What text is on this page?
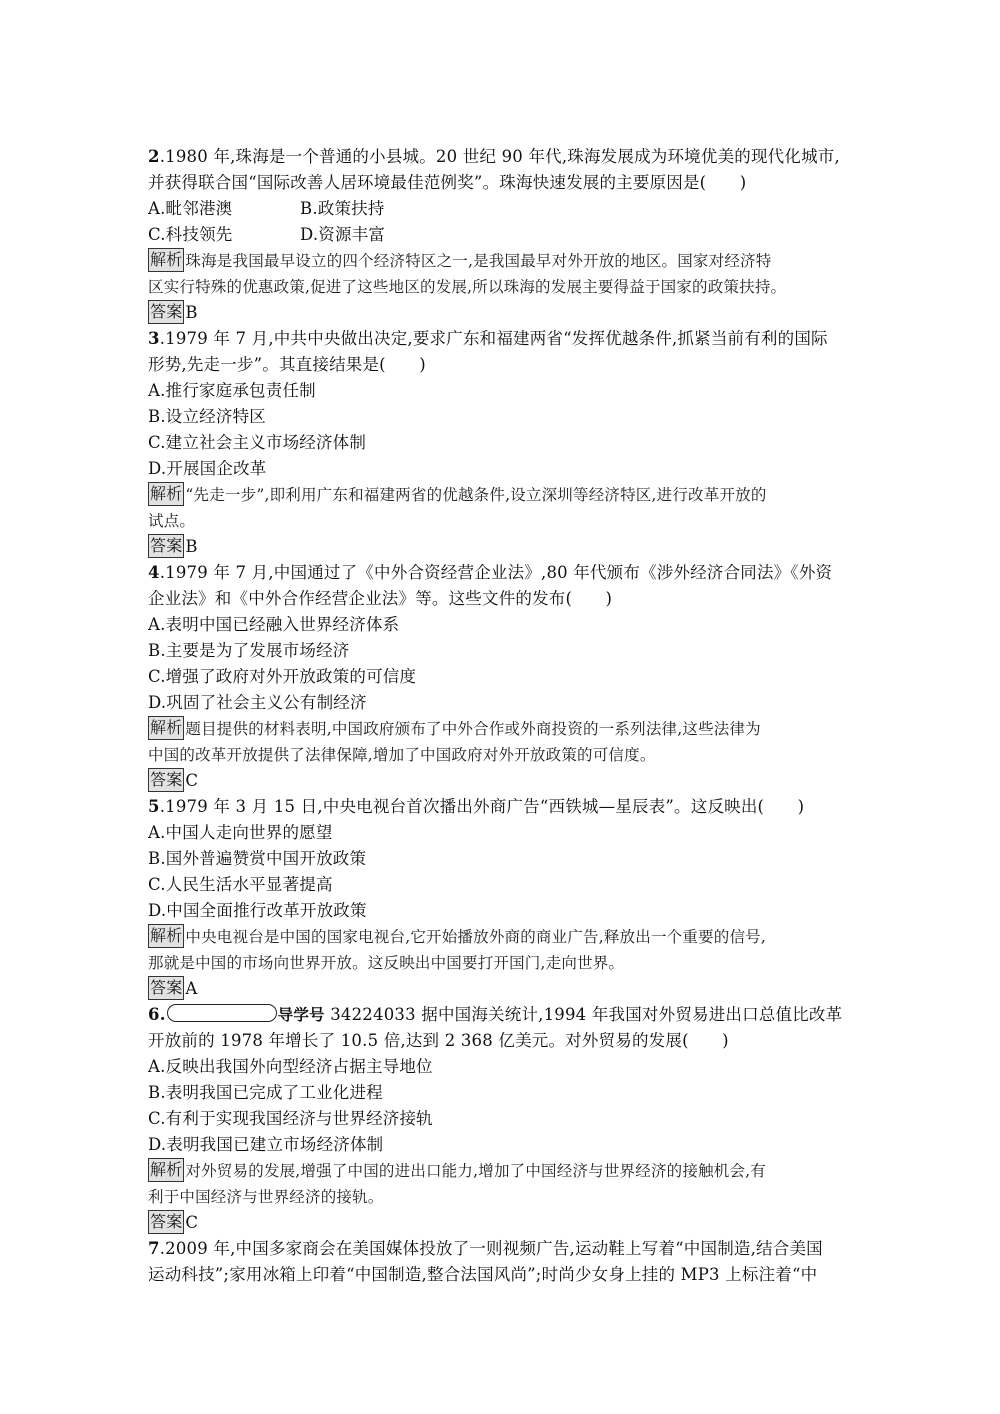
2.1980 年,珠海是一个普通的小县城。20 世纪 90 年代,珠海发展成为环境优美的现代化城市,
并获得联合国“国际改善人居环境最佳范例奖”。珠海快速发展的主要原因是(　　)
A.毗邻港澳	B.政策扶持
C.科技领先	D.资源丰富
解析 珠海是我国最早设立的四个经济特区之一,是我国最早对外开放的地区。国家对经济特
区实行特殊的优惠政策,促进了这些地区的发展,所以珠海的发展主要得益于国家的政策扶持。
答案 B
3.1979 年 7 月,中共中央做出决定,要求广东和福建两省“发挥优越条件,抓紧当前有利的国际
形势,先走一步”。其直接结果是(　　)
A.推行家庭承包责任制
B.设立经济特区
C.建立社会主义市场经济体制
D.开展国企改革
解析 “先走一步”,即利用广东和福建两省的优越条件,设立深圳等经济特区,进行改革开放的
试点。
答案 B
4.1979 年 7 月,中国通过了《中外合资经营企业法》,80 年代颁布《涉外经济合同法》《外资
企业法》和《中外合作经营企业法》等。这些文件的发布(　　)
A.表明中国已经融入世界经济体系
B.主要是为了发展市场经济
C.增强了政府对外开放政策的可信度
D.巩固了社会主义公有制经济
解析 题目提供的材料表明,中国政府颁布了中外合作或外商投资的一系列法律,这些法律为
中国的改革开放提供了法律保障,增加了中国政府对外开放政策的可信度。
答案 C
5.1979 年 3 月 15 日,中央电视台首次播出外商广告“西铁城—星辰表”。这反映出(　　)
A.中国人走向世界的愿望
B.国外普遍赞赏中国开放政策
C.人民生活水平显著提高
D.中国全面推行改革开放政策
解析 中央电视台是中国的国家电视台,它开始播放外商的商业广告,释放出一个重要的信号,
那就是中国的市场向世界开放。这反映出中国要打开国门,走向世界。
答案 A
6.	导学号 34224033 据中国海关统计,1994 年我国对外贸易进出口总值比改革
开放前的 1978 年增长了 10.5 倍,达到 2 368 亿美元。对外贸易的发展(　　)
A.反映出我国外向型经济占据主导地位
B.表明我国已完成了工业化进程
C.有利于实现我国经济与世界经济接轨
D.表明我国已建立市场经济体制
解析 对外贸易的发展,增强了中国的进出口能力,增加了中国经济与世界经济的接触机会,有
利于中国经济与世界经济的接轨。
答案 C
7.2009 年,中国多家商会在美国媒体投放了一则视频广告,运动鞋上写着“中国制造,结合美国
运动科技”;家用冰箱上印着“中国制造,整合法国风尚”;时尚少女身上挂的 MP3 上标注着“中
